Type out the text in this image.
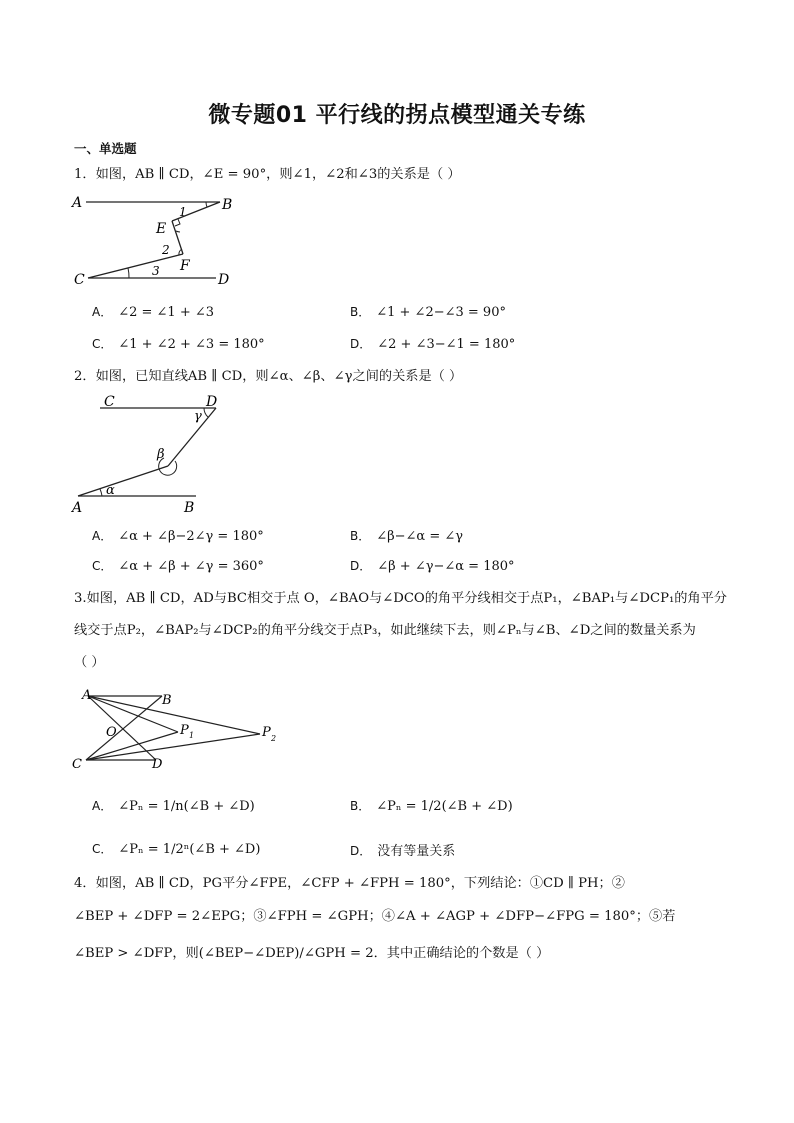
微专题01 平行线的拐点模型通关专练
一、单选题
1．如图，AB ∥ CD，∠E = 90°，则∠1，∠2和∠3的关系是（ ）
A	B
E
F
C	D
1
2
3
A． ∠2 = ∠1 + ∠3	B． ∠1 + ∠2−∠3 = 90°
C． ∠1 + ∠2 + ∠3 = 180°	D． ∠2 + ∠3−∠1 = 180°
2．如图，已知直线AB ∥ CD，则∠α、∠β、∠γ之间的关系是（ ）
C	D
γ
β
α
A	B
A． ∠α + ∠β−2∠γ = 180°	B． ∠β−∠α = ∠γ
C． ∠α + ∠β + ∠γ = 360°	D． ∠β + ∠γ−∠α = 180°
3.如图，AB ∥ CD，AD与BC相交于点 O，∠BAO与∠DCO的角平分线相交于点P₁，∠BAP₁与∠DCP₁的角平分
线交于点P₂，∠BAP₂与∠DCP₂的角平分线交于点P₃，如此继续下去，则∠Pₙ与∠B、∠D之间的数量关系为
（ ）
A	B
O	P 1	P 2
C	D
A． ∠Pₙ = 1/n(∠B + ∠D)	B． ∠Pₙ = 1/2(∠B + ∠D)
C． ∠Pₙ = 1/2ⁿ(∠B + ∠D)	D． 没有等量关系
4．如图，AB ∥ CD，PG平分∠FPE，∠CFP + ∠FPH = 180°，下列结论：①CD ∥ PH；②
∠BEP + ∠DFP = 2∠EPG；③∠FPH = ∠GPH；④∠A + ∠AGP + ∠DFP−∠FPG = 180°；⑤若
∠BEP > ∠DFP，则(∠BEP−∠DEP)/∠GPH = 2．其中正确结论的个数是（ ）
